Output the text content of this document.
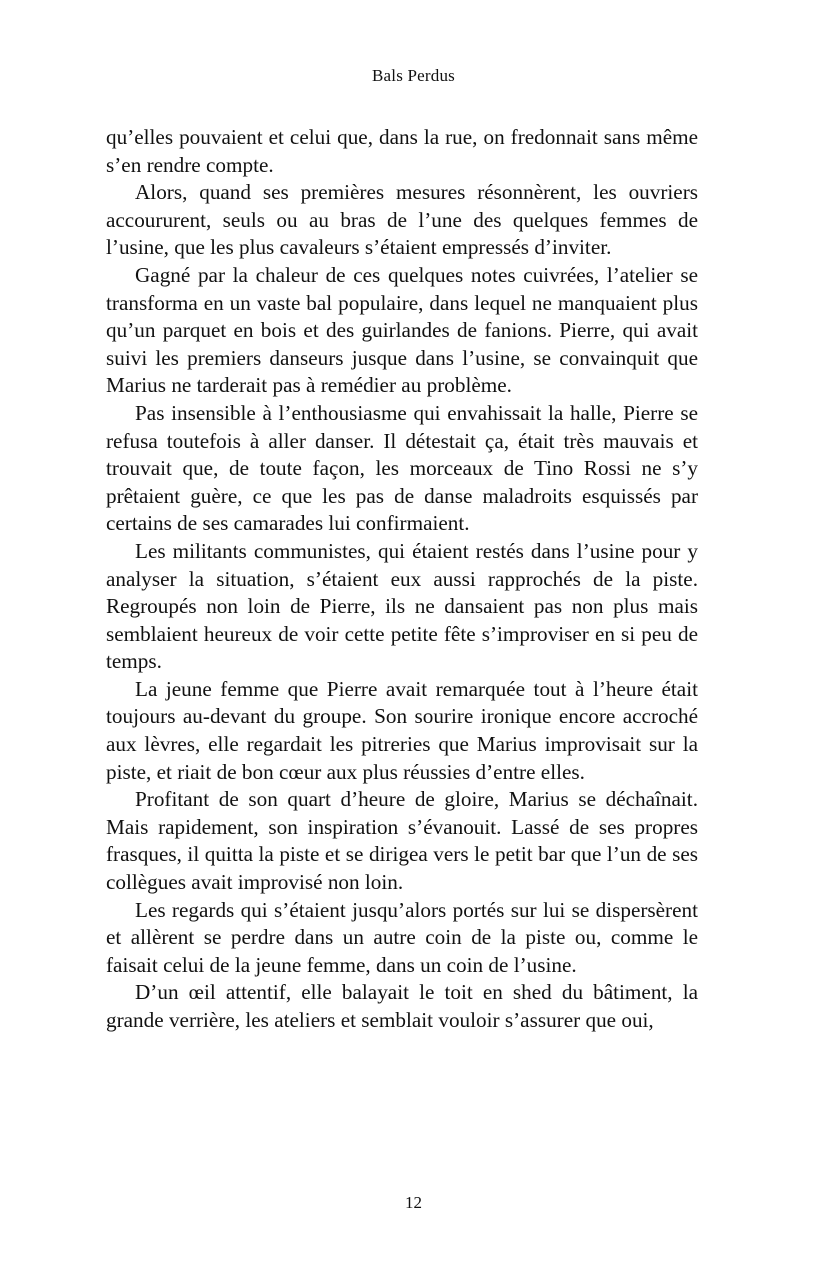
Bals Perdus

qu’elles pouvaient et celui que, dans la rue, on fredonnait sans même s’en rendre compte.

Alors, quand ses premières mesures résonnèrent, les ouvriers accoururent, seuls ou au bras de l’une des quelques femmes de l’usine, que les plus cavaleurs s’étaient empressés d’inviter.

Gagné par la chaleur de ces quelques notes cuivrées, l’atelier se transforma en un vaste bal populaire, dans lequel ne manquaient plus qu’un parquet en bois et des guirlandes de fanions. Pierre, qui avait suivi les premiers danseurs jusque dans l’usine, se convainquit que Marius ne tarderait pas à remédier au problème.

Pas insensible à l’enthousiasme qui envahissait la halle, Pierre se refusa toutefois à aller danser. Il détestait ça, était très mauvais et trouvait que, de toute façon, les morceaux de Tino Rossi ne s’y prêtaient guère, ce que les pas de danse maladroits esquissés par certains de ses camarades lui confirmaient.

Les militants communistes, qui étaient restés dans l’usine pour y analyser la situation, s’étaient eux aussi rapprochés de la piste. Regroupés non loin de Pierre, ils ne dansaient pas non plus mais semblaient heureux de voir cette petite fête s’improviser en si peu de temps.

La jeune femme que Pierre avait remarquée tout à l’heure était toujours au-devant du groupe. Son sourire ironique encore accroché aux lèvres, elle regardait les pitreries que Marius improvisait sur la piste, et riait de bon cœur aux plus réussies d’entre elles.

Profitant de son quart d’heure de gloire, Marius se déchaînait. Mais rapidement, son inspiration s’évanouit. Lassé de ses propres frasques, il quitta la piste et se dirigea vers le petit bar que l’un de ses collègues avait improvisé non loin.

Les regards qui s’étaient jusqu’alors portés sur lui se dispersèrent et allèrent se perdre dans un autre coin de la piste ou, comme le faisait celui de la jeune femme, dans un coin de l’usine.

D’un œil attentif, elle balayait le toit en shed du bâtiment, la grande verrière, les ateliers et semblait vouloir s’assurer que oui,

12
